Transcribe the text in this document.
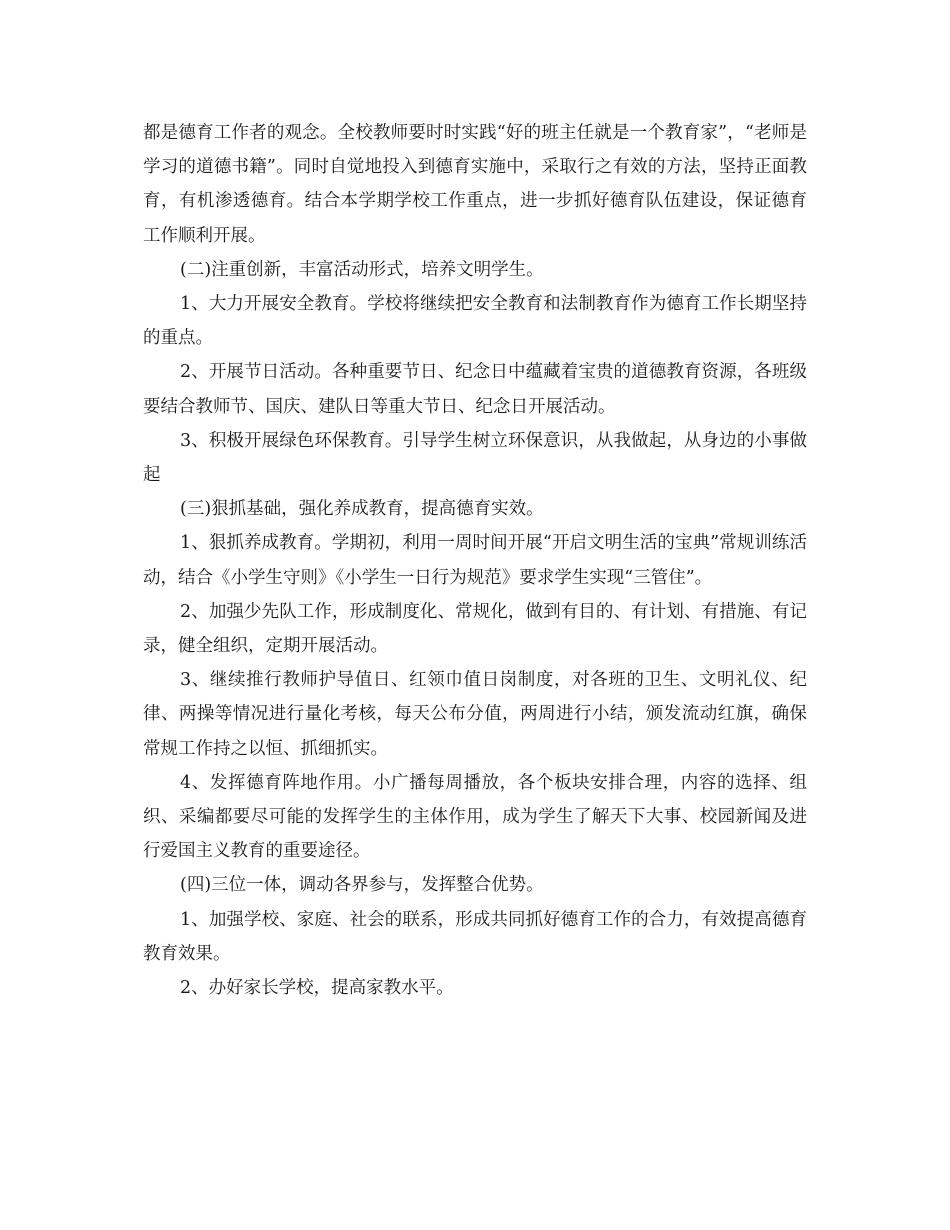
都是德育工作者的观念。全校教师要时时实践“好的班主任就是一个教育家”，“老师是学习的道德书籍”。同时自觉地投入到德育实施中，采取行之有效的方法，坚持正面教育，有机渗透德育。结合本学期学校工作重点，进一步抓好德育队伍建设，保证德育工作顺利开展。

(二)注重创新，丰富活动形式，培养文明学生。

1、大力开展安全教育。学校将继续把安全教育和法制教育作为德育工作长期坚持的重点。

2、开展节日活动。各种重要节日、纪念日中蕴藏着宝贵的道德教育资源，各班级要结合教师节、国庆、建队日等重大节日、纪念日开展活动。

3、积极开展绿色环保教育。引导学生树立环保意识，从我做起，从身边的小事做起

(三)狠抓基础，强化养成教育，提高德育实效。

1、狠抓养成教育。学期初，利用一周时间开展“开启文明生活的宝典”常规训练活动，结合《小学生守则》《小学生一日行为规范》要求学生实现“三管住”。

2、加强少先队工作，形成制度化、常规化，做到有目的、有计划、有措施、有记录，健全组织，定期开展活动。

3、继续推行教师护导值日、红领巾值日岗制度，对各班的卫生、文明礼仪、纪律、两操等情况进行量化考核，每天公布分值，两周进行小结，颁发流动红旗，确保常规工作持之以恒、抓细抓实。

4、发挥德育阵地作用。小广播每周播放，各个板块安排合理，内容的选择、组织、采编都要尽可能的发挥学生的主体作用，成为学生了解天下大事、校园新闻及进行爱国主义教育的重要途径。

(四)三位一体，调动各界参与，发挥整合优势。

1、加强学校、家庭、社会的联系，形成共同抓好德育工作的合力，有效提高德育教育效果。

2、办好家长学校，提高家教水平。
